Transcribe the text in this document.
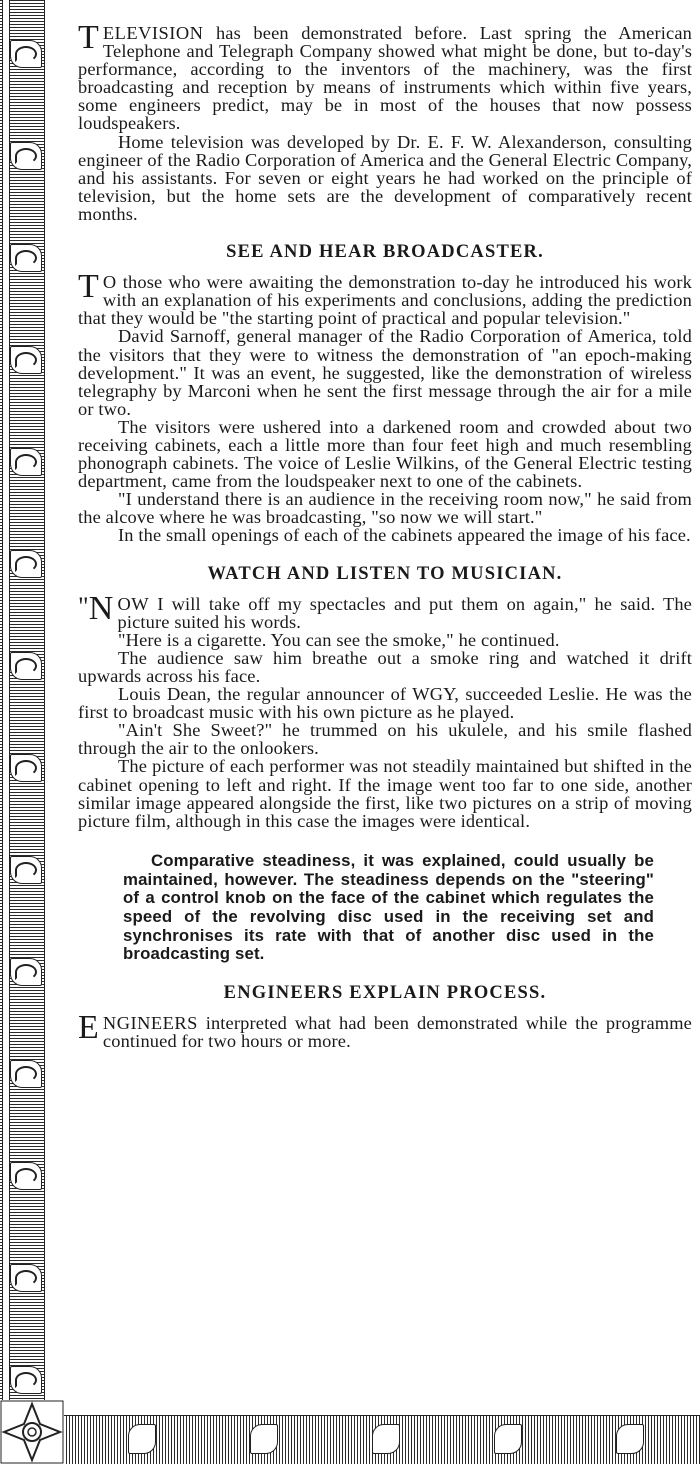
TELEVISION has been demonstrated before. Last spring the American Telephone and Telegraph Company showed what might be done, but to-day's performance, according to the inventors of the machinery, was the first broadcasting and reception by means of instruments which within five years, some engineers predict, may be in most of the houses that now possess loudspeakers.

Home television was developed by Dr. E. F. W. Alexanderson, consulting engineer of the Radio Corporation of America and the General Electric Company, and his assistants. For seven or eight years he had worked on the principle of television, but the home sets are the development of comparatively recent months.

SEE AND HEAR BROADCASTER.

T O those who were awaiting the demonstration to-day he introduced his work with an explanation of his experiments and conclusions, adding the prediction that they would be "the starting point of practical and popular television."

David Sarnoff, general manager of the Radio Corporation of America, told the visitors that they were to witness the demonstration of "an epoch-making development." It was an event, he suggested, like the demonstration of wireless telegraphy by Marconi when he sent the first message through the air for a mile or two.

The visitors were ushered into a darkened room and crowded about two receiving cabinets, each a little more than four feet high and much resembling phonograph cabinets. The voice of Leslie Wilkins, of the General Electric testing department, came from the loudspeaker next to one of the cabinets.

"I understand there is an audience in the receiving room now," he said from the alcove where he was broadcasting, "so now we will start."

In the small openings of each of the cabinets appeared the image of his face.

WATCH AND LISTEN TO MUSICIAN.

" N OW I will take off my spectacles and put them on again," he said. The picture suited his words.

"Here is a cigarette. You can see the smoke," he continued.

The audience saw him breathe out a smoke ring and watched it drift upwards across his face.

Louis Dean, the regular announcer of WGY, succeeded Leslie. He was the first to broadcast music with his own picture as he played.

"Ain't She Sweet?" he trummed on his ukulele, and his smile flashed through the air to the onlookers.

The picture of each performer was not steadily maintained but shifted in the cabinet opening to left and right. If the image went too far to one side, another similar image appeared alongside the first, like two pictures on a strip of moving picture film, although in this case the images were identical.

Comparative steadiness, it was explained, could usually be maintained, however. The steadiness depends on the "steering" of a control knob on the face of the cabinet which regulates the speed of the revolving disc used in the receiving set and synchronises its rate with that of another disc used in the broadcasting set.
ENGINEERS EXPLAIN PROCESS.

ENGINEERS interpreted what had been demonstrated while the programme continued for two hours or more.
